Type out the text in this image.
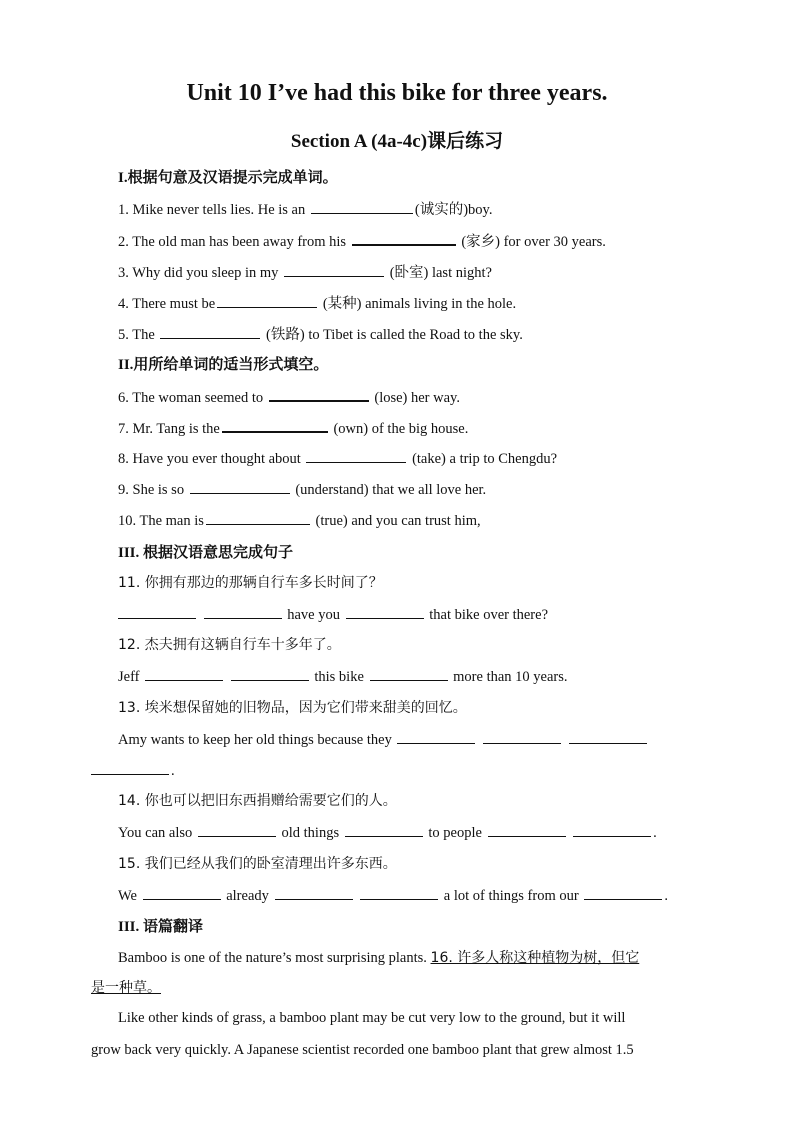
Unit 10 I’ve had this bike for three years.
Section A (4a-4c)课后练习
I.根据句意及汉语提示完成单词。
1. Mike never tells lies. He is an	(诚实的)boy.
2. The old man has been away from his	(家乡) for over 30 years.
3. Why did you sleep in my	(卧室) last night?
4. There must be	(某种) animals living in the hole.
5. The	(铁路) to Tibet is called the Road to the sky.
II.用所给单词的适当形式填空。
6. The woman seemed to	(lose) her way.
7. Mr. Tang is the	(own) of the big house.
8. Have you ever thought about	(take) a trip to Chengdu?
9. She is so	(understand) that we all love her.
10. The man is	(true) and you can trust him,
III. 根据汉语意思完成句子
11. 你拥有那边的那辆自行车多长时间了？
have you	that bike over there?
12. 杰夫拥有这辆自行车十多年了。
Jeff	this bike	more than 10 years.
13. 埃米想保留她的旧物品，因为它们带来甜美的回忆。
Amy wants to keep her old things because they
.
14. 你也可以把旧东西捐赠给需要它们的人。
You can also	old things	to people	.
15. 我们已经从我们的卧室清理出许多东西。
We	already	a lot of things from our	.
III. 语篇翻译
Bamboo is one of the nature’s most surprising plants. 16. 许多人称这种植物为树，但它
是一种草。
Like other kinds of grass, a bamboo plant may be cut very low to the ground, but it will
grow back very quickly. A Japanese scientist recorded one bamboo plant that grew almost 1.5
